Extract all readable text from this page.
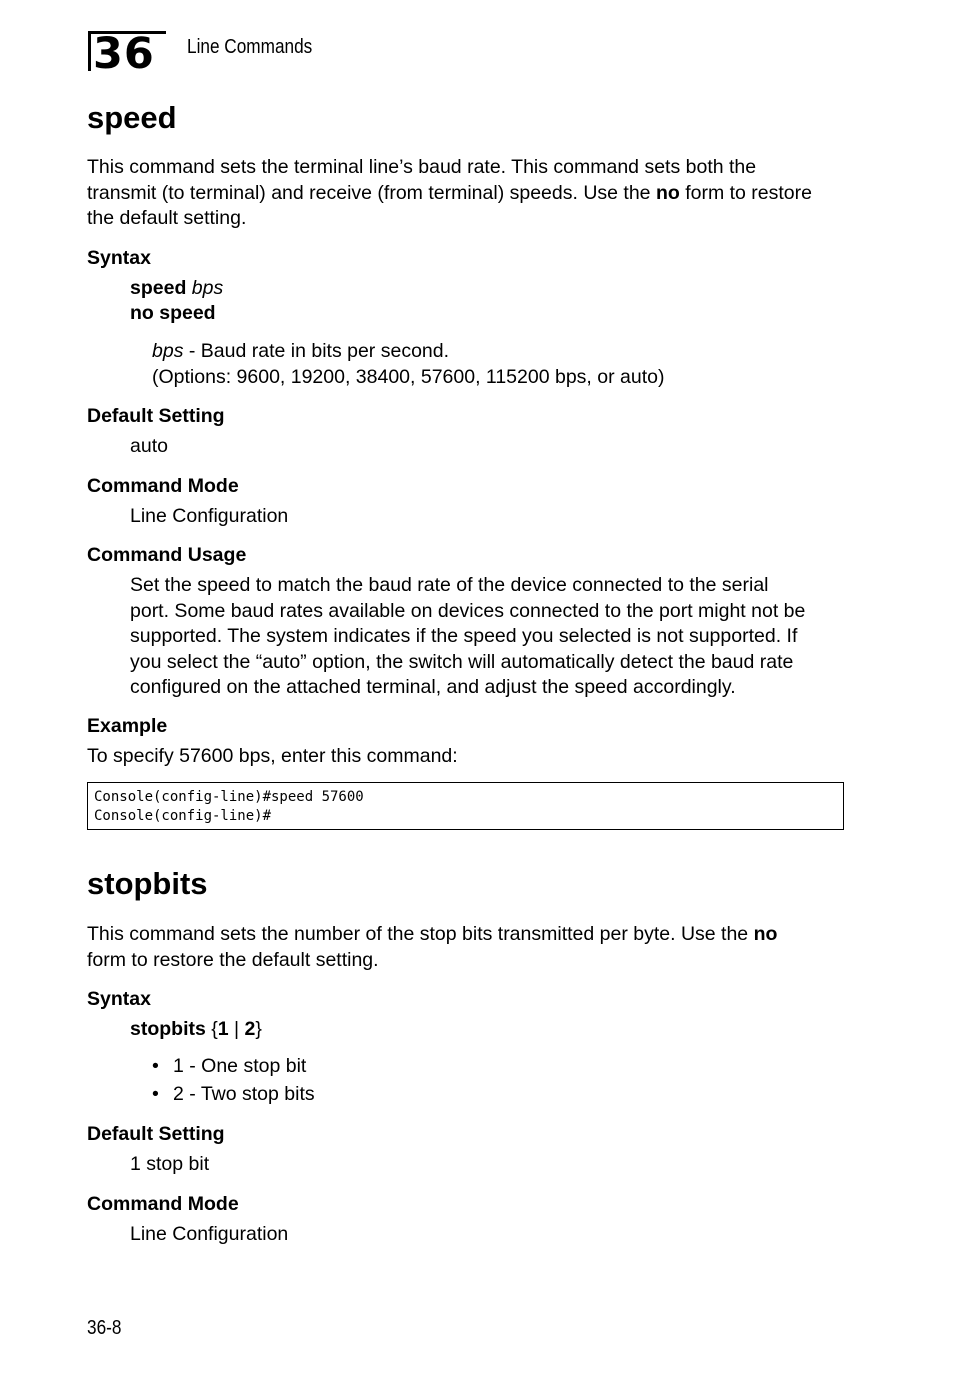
36	Line Commands
speed
This command sets the terminal line’s baud rate. This command sets both the
transmit (to terminal) and receive (from terminal) speeds. Use the no form to restore
the default setting.
Syntax
speed bps
no speed
bps - Baud rate in bits per second.
(Options: 9600, 19200, 38400, 57600, 115200 bps, or auto)
Default Setting
auto
Command Mode
Line Configuration
Command Usage
Set the speed to match the baud rate of the device connected to the serial
port. Some baud rates available on devices connected to the port might not be
supported. The system indicates if the speed you selected is not supported. If
you select the “auto” option, the switch will automatically detect the baud rate
configured on the attached terminal, and adjust the speed accordingly.
Example
To specify 57600 bps, enter this command:
Console(config-line)#speed 57600
Console(config-line)#
stopbits
This command sets the number of the stop bits transmitted per byte. Use the no
form to restore the default setting.
Syntax
stopbits {1 | 2}
• 1 - One stop bit
• 2 - Two stop bits
Default Setting
1 stop bit
Command Mode
Line Configuration
36-8
